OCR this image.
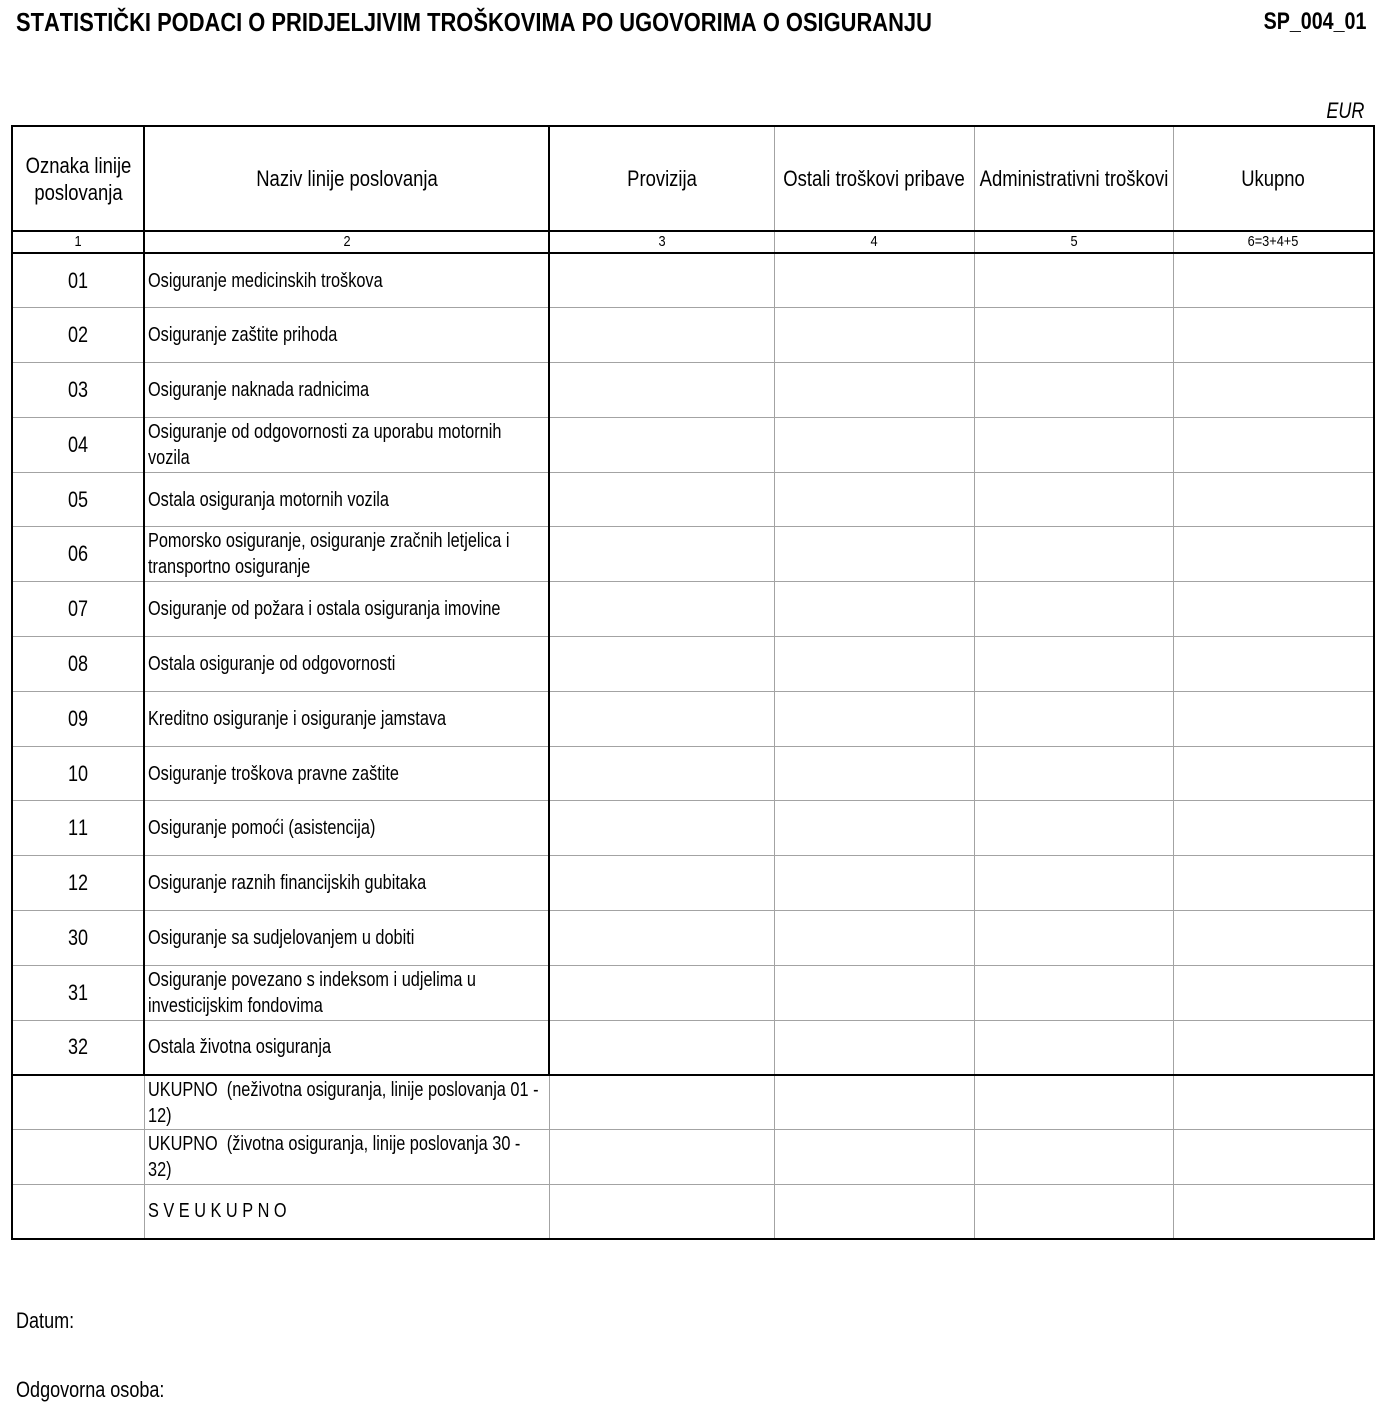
STATISTIČKI PODACI O PRIDJELJIVIM TROŠKOVIMA PO UGOVORIMA O OSIGURANJU	SP_004_01
EUR
Oznaka linije poslovanja	Naziv linije poslovanja	Provizija	Ostali troškovi pribave	Administrativni troškovi	Ukupno

1	2	3	4	5	6=3+4+5

01	Osiguranje medicinskih troškova				

02	Osiguranje zaštite prihoda				

03	Osiguranje naknada radnicima				

04	Osiguranje od odgovornosti za uporabu motornih vozila				

05	Ostala osiguranja motornih vozila				

06	Pomorsko osiguranje, osiguranje zračnih letjelica i transportno osiguranje				

07	Osiguranje od požara i ostala osiguranja imovine				

08	Ostala osiguranje od odgovornosti				

09	Kreditno osiguranje i osiguranje jamstava				

10	Osiguranje troškova pravne zaštite				

11	Osiguranje pomoći (asistencija)				

12	Osiguranje raznih financijskih gubitaka				

30	Osiguranje sa sudjelovanjem u dobiti				

31	Osiguranje povezano s indeksom i udjelima u investicijskim fondovima				

32	Ostala životna osiguranja				

	UKUPNO  (neživotna osiguranja, linije poslovanja 01 - 12)				

	UKUPNO  (životna osiguranja, linije poslovanja 30 - 32)				

	S V E U K U P N O				

Datum:
Odgovorna osoba:
